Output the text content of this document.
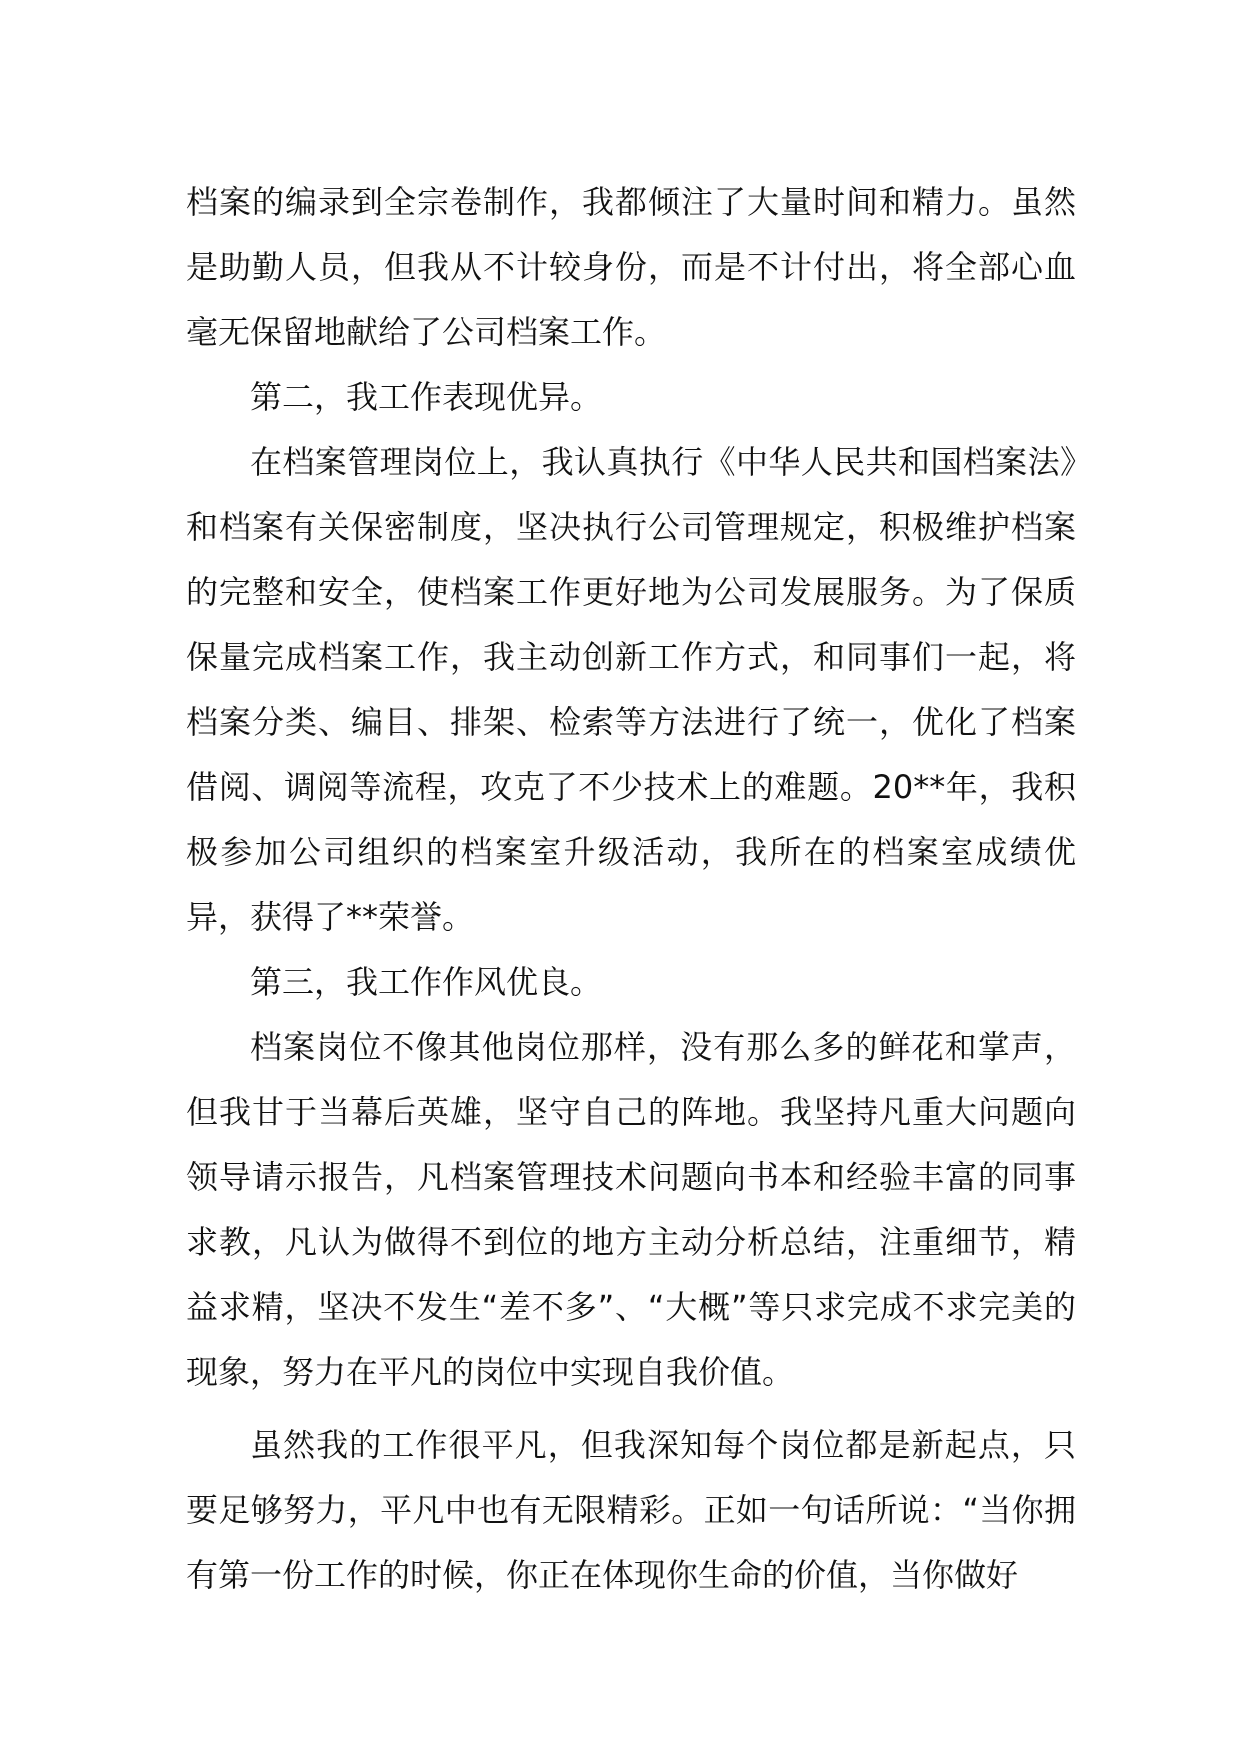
档案的编录到全宗卷制作，我都倾注了大量时间和精力。虽然是助勤人员，但我从不计较身份，而是不计付出，将全部心血毫无保留地献给了公司档案工作。

第二，我工作表现优异。

在档案管理岗位上，我认真执行《中华人民共和国档案法》和档案有关保密制度，坚决执行公司管理规定，积极维护档案的完整和安全，使档案工作更好地为公司发展服务。为了保质保量完成档案工作，我主动创新工作方式，和同事们一起，将档案分类、编目、排架、检索等方法进行了统一，优化了档案借阅、调阅等流程，攻克了不少技术上的难题。20**年，我积极参加公司组织的档案室升级活动，我所在的档案室成绩优异，获得了**荣誉。

第三，我工作作风优良。

档案岗位不像其他岗位那样，没有那么多的鲜花和掌声，但我甘于当幕后英雄，坚守自己的阵地。我坚持凡重大问题向领导请示报告，凡档案管理技术问题向书本和经验丰富的同事求教，凡认为做得不到位的地方主动分析总结，注重细节，精益求精，坚决不发生“差不多”、“大概”等只求完成不求完美的现象，努力在平凡的岗位中实现自我价值。

虽然我的工作很平凡，但我深知每个岗位都是新起点，只要足够努力，平凡中也有无限精彩。正如一句话所说：“当你拥有第一份工作的时候，你正在体现你生命的价值，当你做好
